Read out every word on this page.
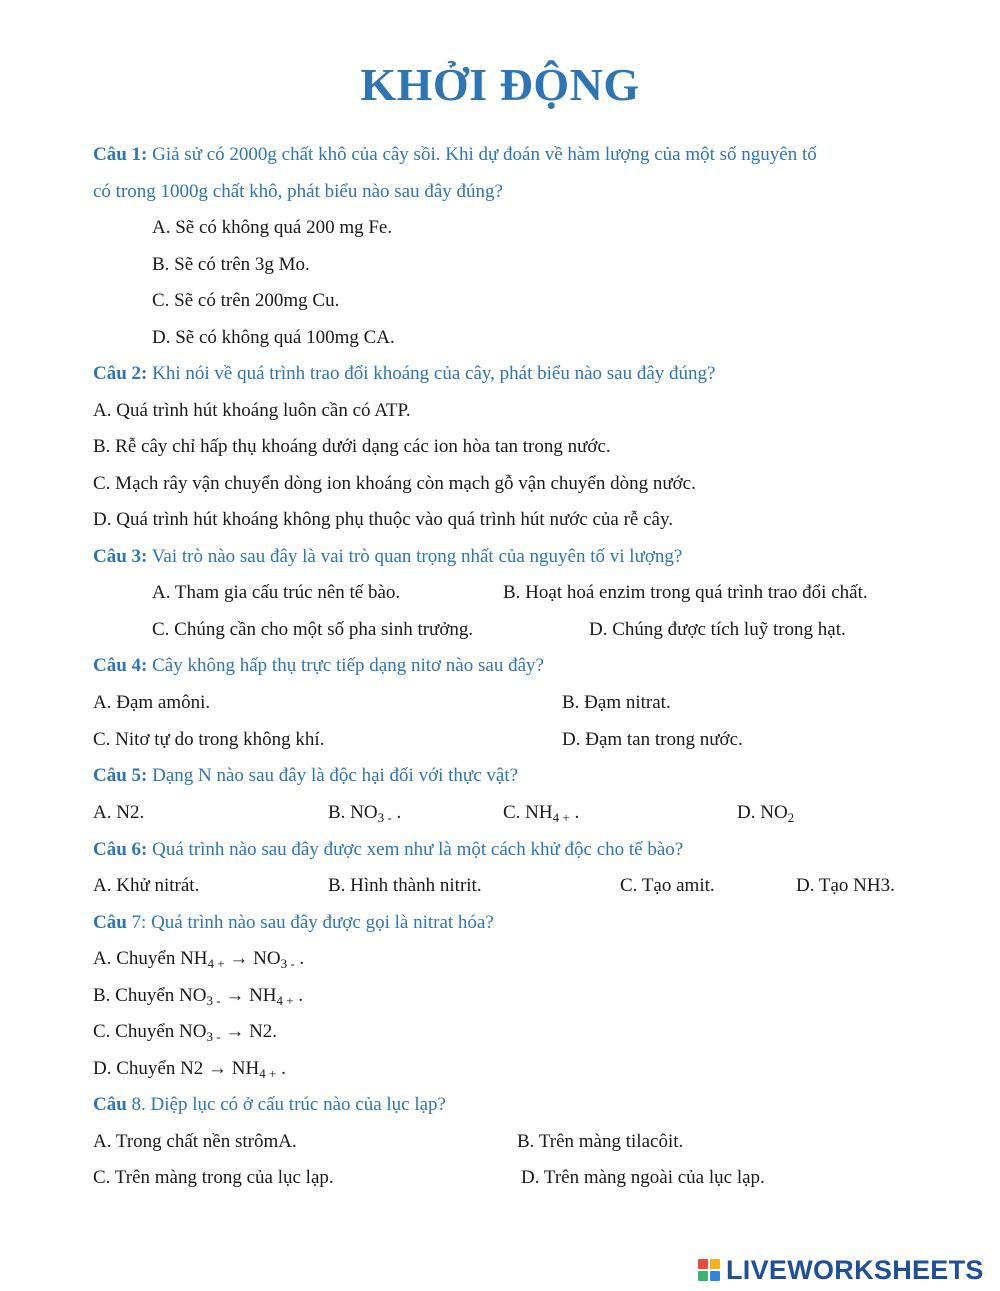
KHỞI ĐỘNG
Câu 1: Giả sử có 2000g chất khô của cây sồi. Khi dự đoán về hàm lượng của một số nguyên tố
có trong 1000g chất khô, phát biểu nào sau đây đúng?
A. Sẽ có không quá 200 mg Fe.
B. Sẽ có trên 3g Mo.
C. Sẽ có trên 200mg Cu.
D. Sẽ có không quá 100mg CA.
Câu 2: Khi nói về quá trình trao đổi khoáng của cây, phát biểu nào sau đây đúng?
A. Quá trình hút khoáng luôn cần có ATP.
B. Rễ cây chỉ hấp thụ khoáng dưới dạng các ion hòa tan trong nước.
C. Mạch rây vận chuyển dòng ion khoáng còn mạch gỗ vận chuyển dòng nước.
D. Quá trình hút khoáng không phụ thuộc vào quá trình hút nước của rễ cây.
Câu 3: Vai trò nào sau đây là vai trò quan trọng nhất của nguyên tố vi lượng?
A. Tham gia cấu trúc nên tế bào.	B. Hoạt hoá enzim trong quá trình trao đổi chất.
C. Chúng cần cho một số pha sinh trưởng.	D. Chúng được tích luỹ trong hạt.
Câu 4: Cây không hấp thụ trực tiếp dạng nitơ nào sau đây?
A. Đạm amôni.	B. Đạm nitrat.
C. Nitơ tự do trong không khí.	D. Đạm tan trong nước.
Câu 5: Dạng N nào sau đây là độc hại đối với thực vật?
A. N2.	B. $NO_{3 -}$ .	C. $NH_{4 +}$ .	D. $NO_2$
Câu 6: Quá trình nào sau đây được xem như là một cách khử độc cho tế bào?
A. Khử nitrát.	B. Hình thành nitrit.	C. Tạo amit.	D. Tạo NH3.
Câu 7: Quá trình nào sau đây được gọi là nitrat hóa?
A. Chuyển $NH_{4 +} \to NO_{3 -}$ .
B. Chuyển $NO_{3 -} \to NH_{4 +}$ .
C. Chuyển $NO_{3 -} \to N2$.
D. Chuyển $N2 \to NH_{4 +}$ .
Câu 8. Diệp lục có ở cấu trúc nào của lục lạp?
A. Trong chất nền strômA.	B. Trên màng tilacôit.
C. Trên màng trong của lục lạp.	D. Trên màng ngoài của lục lạp.
LIVEWORKSHEETS
